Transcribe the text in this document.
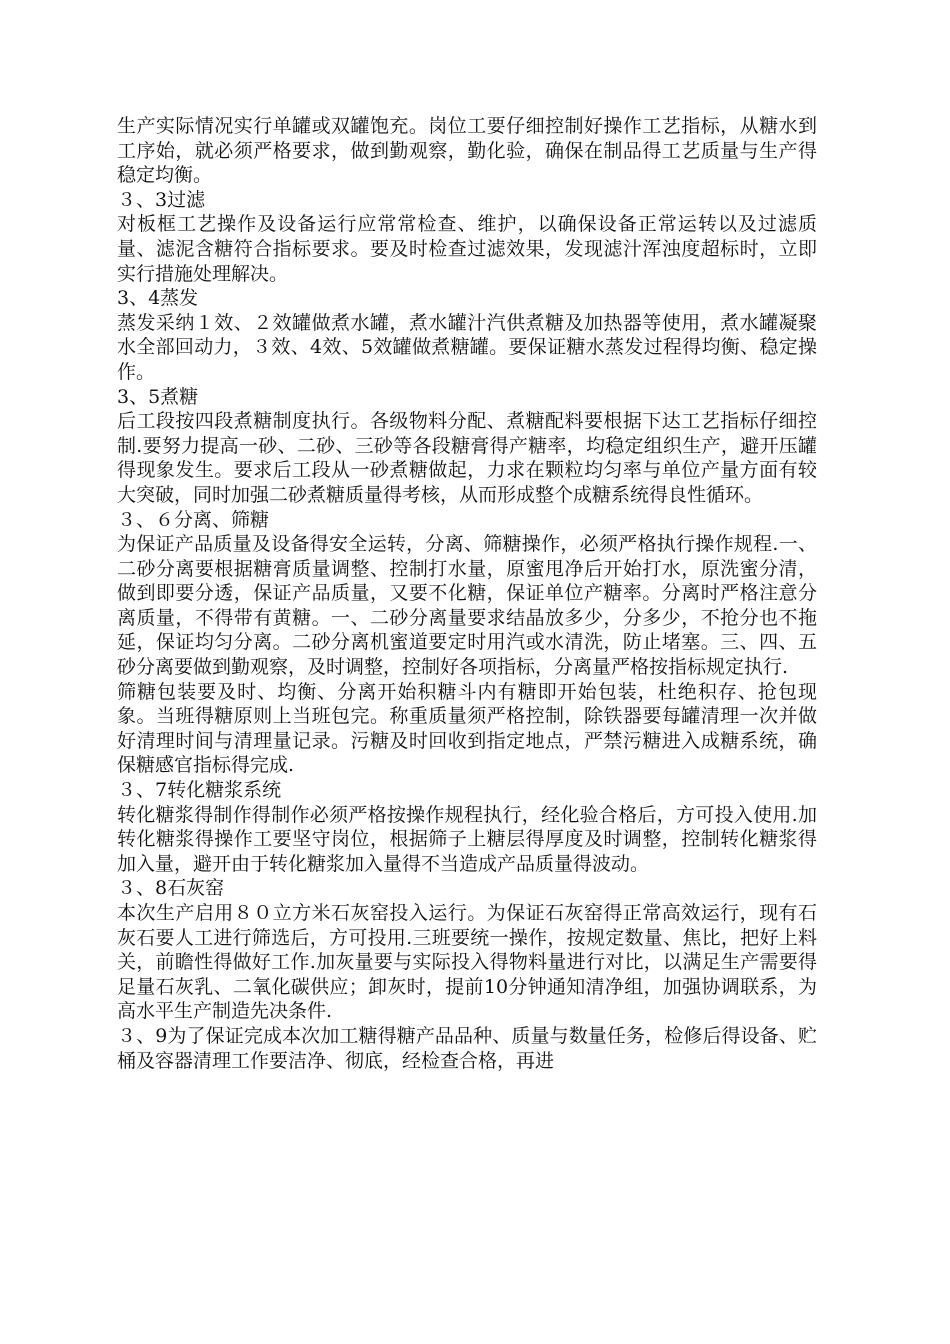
生产实际情况实行单罐或双罐饱充。岗位工要仔细控制好操作工艺指标，从糖水到工序始，就必须严格要求，做到勤观察，勤化验，确保在制品得工艺质量与生产得稳定均衡。

３、3过滤

对板框工艺操作及设备运行应常常检查、维护，以确保设备正常运转以及过滤质量、滤泥含糖符合指标要求。要及时检查过滤效果，发现滤汁浑浊度超标时，立即实行措施处理解决。

3、4蒸发

蒸发采纳１效、２效罐做煮水罐，煮水罐汁汽供煮糖及加热器等使用，煮水罐凝聚水全部回动力，３效、4效、5效罐做煮糖罐。要保证糖水蒸发过程得均衡、稳定操作。

3、5煮糖

后工段按四段煮糖制度执行。各级物料分配、煮糖配料要根据下达工艺指标仔细控制.要努力提高一砂、二砂、三砂等各段糖膏得产糖率，均稳定组织生产，避开压罐得现象发生。要求后工段从一砂煮糖做起，力求在颗粒均匀率与单位产量方面有较大突破，同时加强二砂煮糖质量得考核，从而形成整个成糖系统得良性循环。

３、６分离、筛糖

为保证产品质量及设备得安全运转，分离、筛糖操作，必须严格执行操作规程.一、二砂分离要根据糖膏质量调整、控制打水量，原蜜甩净后开始打水，原洗蜜分清，做到即要分透，保证产品质量，又要不化糖，保证单位产糖率。分离时严格注意分离质量，不得带有黄糖。一、二砂分离量要求结晶放多少，分多少，不抢分也不拖延，保证均匀分离。二砂分离机蜜道要定时用汽或水清洗，防止堵塞。三、四、五砂分离要做到勤观察，及时调整，控制好各项指标，分离量严格按指标规定执行.

筛糖包装要及时、均衡、分离开始积糖斗内有糖即开始包装，杜绝积存、抢包现象。当班得糖原则上当班包完。称重质量须严格控制，除铁器要每罐清理一次并做好清理时间与清理量记录。污糖及时回收到指定地点，严禁污糖进入成糖系统，确保糖感官指标得完成.

３、7转化糖浆系统

转化糖浆得制作得制作必须严格按操作规程执行，经化验合格后，方可投入使用.加转化糖浆得操作工要坚守岗位，根据筛子上糖层得厚度及时调整，控制转化糖浆得加入量，避开由于转化糖浆加入量得不当造成产品质量得波动。

３、8石灰窑

本次生产启用８０立方米石灰窑投入运行。为保证石灰窑得正常高效运行，现有石灰石要人工进行筛选后，方可投用.三班要统一操作，按规定数量、焦比，把好上料关，前瞻性得做好工作.加灰量要与实际投入得物料量进行对比，以满足生产需要得足量石灰乳、二氧化碳供应；卸灰时，提前10分钟通知清净组，加强协调联系，为高水平生产制造先决条件.

３、9为了保证完成本次加工糖得糖产品品种、质量与数量任务，检修后得设备、贮桶及容器清理工作要洁净、彻底，经检查合格，再进
